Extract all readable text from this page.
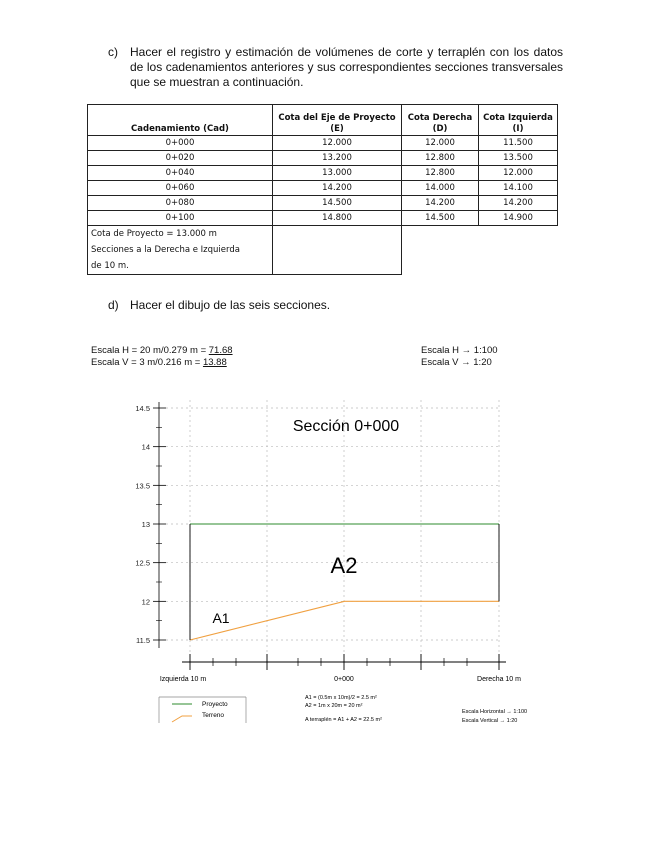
c)	Hacer el registro y estimación de volúmenes de corte y terraplén con los datos de los cadenamientos anteriores y sus correspondientes secciones transversales que se muestran a continuación.
Cadenamiento (Cad)	Cota del Eje de Proyecto (E)	Cota Derecha (D)	Cota Izquierda (I)
0+000	12.000	12.000	11.500
0+020	13.200	12.800	13.500
0+040	13.000	12.800	12.000
0+060	14.200	14.000	14.100
0+080	14.500	14.200	14.200
0+100	14.800	14.500	14.900

Cota de Proyecto = 13.000 m
Secciones a la Derecha e Izquierda
de 10 m.			

d) Hacer el dibujo de las seis secciones.
Escala H = 20 m/0.279 m = 71.68
Escala V = 3 m/0.216 m = 13.88
Escala H → 1:100
Escala V → 1:20
14.5
14
13.5
13
12.5
12
11.5
Sección 0+000
A2
A1
Izquierda 10 m	0+000	Derecha 10 m
Proyecto
Terreno
A1 = (0.5m x 10m)/2 = 2.5 m²
A2 = 1m x 20m = 20 m²
A terraplén = A1 + A2 = 22.5 m²
Escala Horizontal → 1:100
Escala Vertical → 1:20
